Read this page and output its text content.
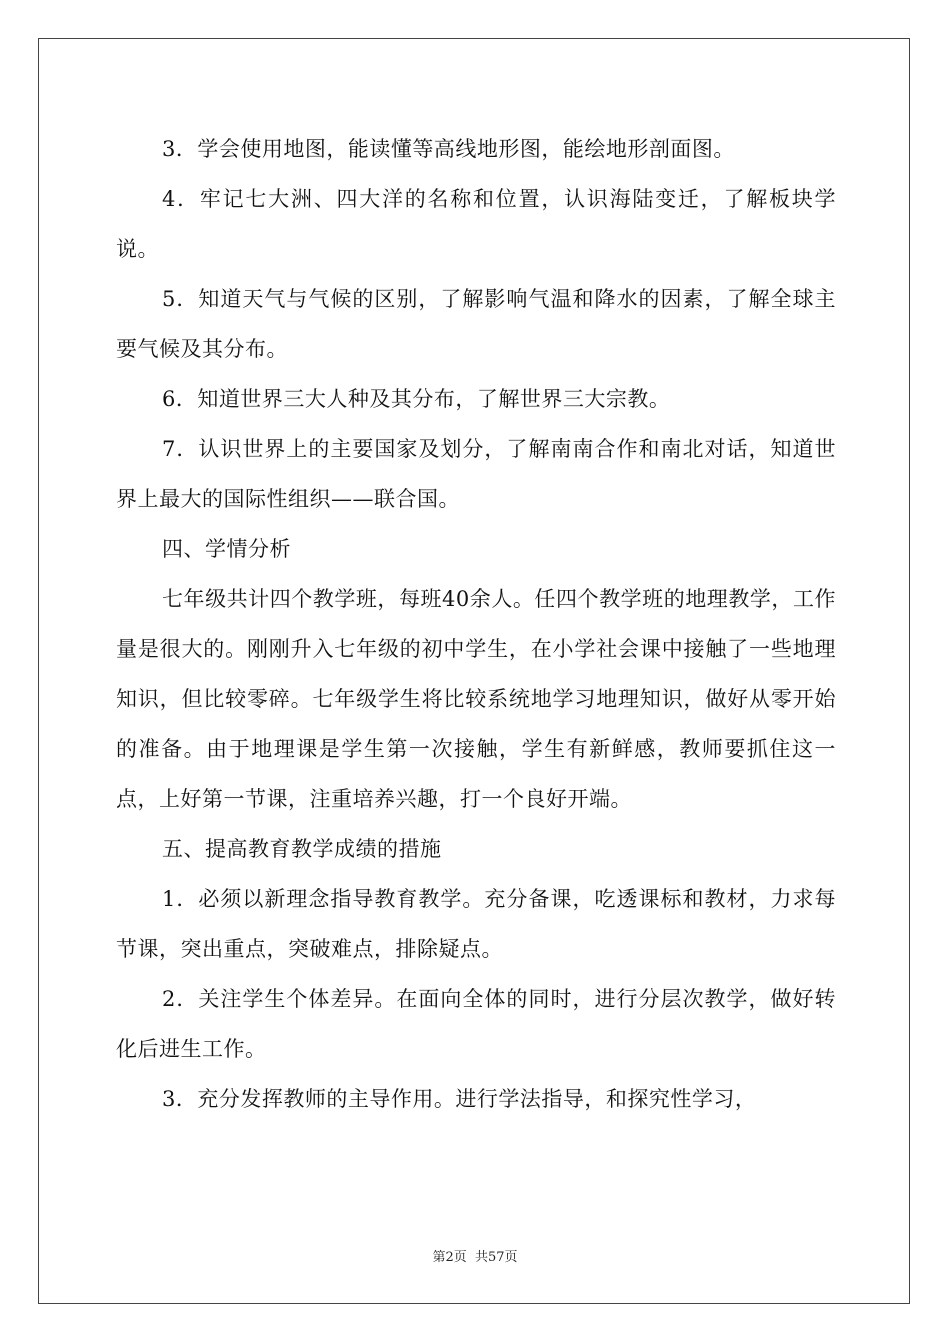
3．学会使用地图，能读懂等高线地形图，能绘地形剖面图。

4．牢记七大洲、四大洋的名称和位置，认识海陆变迁，了解板块学说。

5．知道天气与气候的区别，了解影响气温和降水的因素，了解全球主要气候及其分布。

6．知道世界三大人种及其分布，了解世界三大宗教。

7．认识世界上的主要国家及划分，了解南南合作和南北对话，知道世界上最大的国际性组织——联合国。

四、学情分析

七年级共计四个教学班，每班40余人。任四个教学班的地理教学，工作量是很大的。刚刚升入七年级的初中学生，在小学社会课中接触了一些地理知识，但比较零碎。七年级学生将比较系统地学习地理知识，做好从零开始的准备。由于地理课是学生第一次接触，学生有新鲜感，教师要抓住这一点，上好第一节课，注重培养兴趣，打一个良好开端。

五、提高教育教学成绩的措施

1．必须以新理念指导教育教学。充分备课，吃透课标和教材，力求每节课，突出重点，突破难点，排除疑点。

2．关注学生个体差异。在面向全体的同时，进行分层次教学，做好转化后进生工作。

3．充分发挥教师的主导作用。进行学法指导，和探究性学习，

第2页 共57页
